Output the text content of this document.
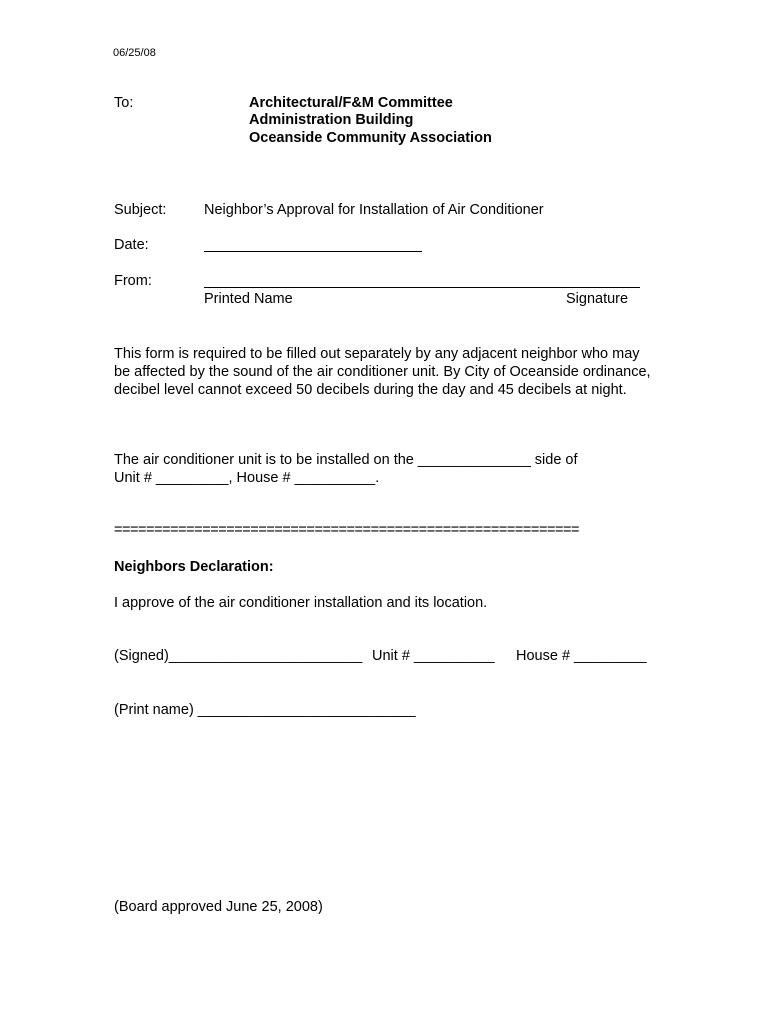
06/25/08
To:	Architectural/F&M Committee
Administration Building
Oceanside Community Association
Subject:	Neighbor’s Approval for Installation of Air Conditioner
Date:
From:
Printed Name	Signature
This form is required to be filled out separately by any adjacent neighbor who may be affected by the sound of the air conditioner unit. By City of Oceanside ordinance, decibel level cannot exceed 50 decibels during the day and 45 decibels at night.
The air conditioner unit is to be installed on the ______________ side of
Unit # _________, House # __________.
==========================================================
Neighbors Declaration:
I approve of the air conditioner installation and its location.
(Signed)________________________ Unit # __________ House # _________
(Print name) ___________________________
(Board approved June 25, 2008)
